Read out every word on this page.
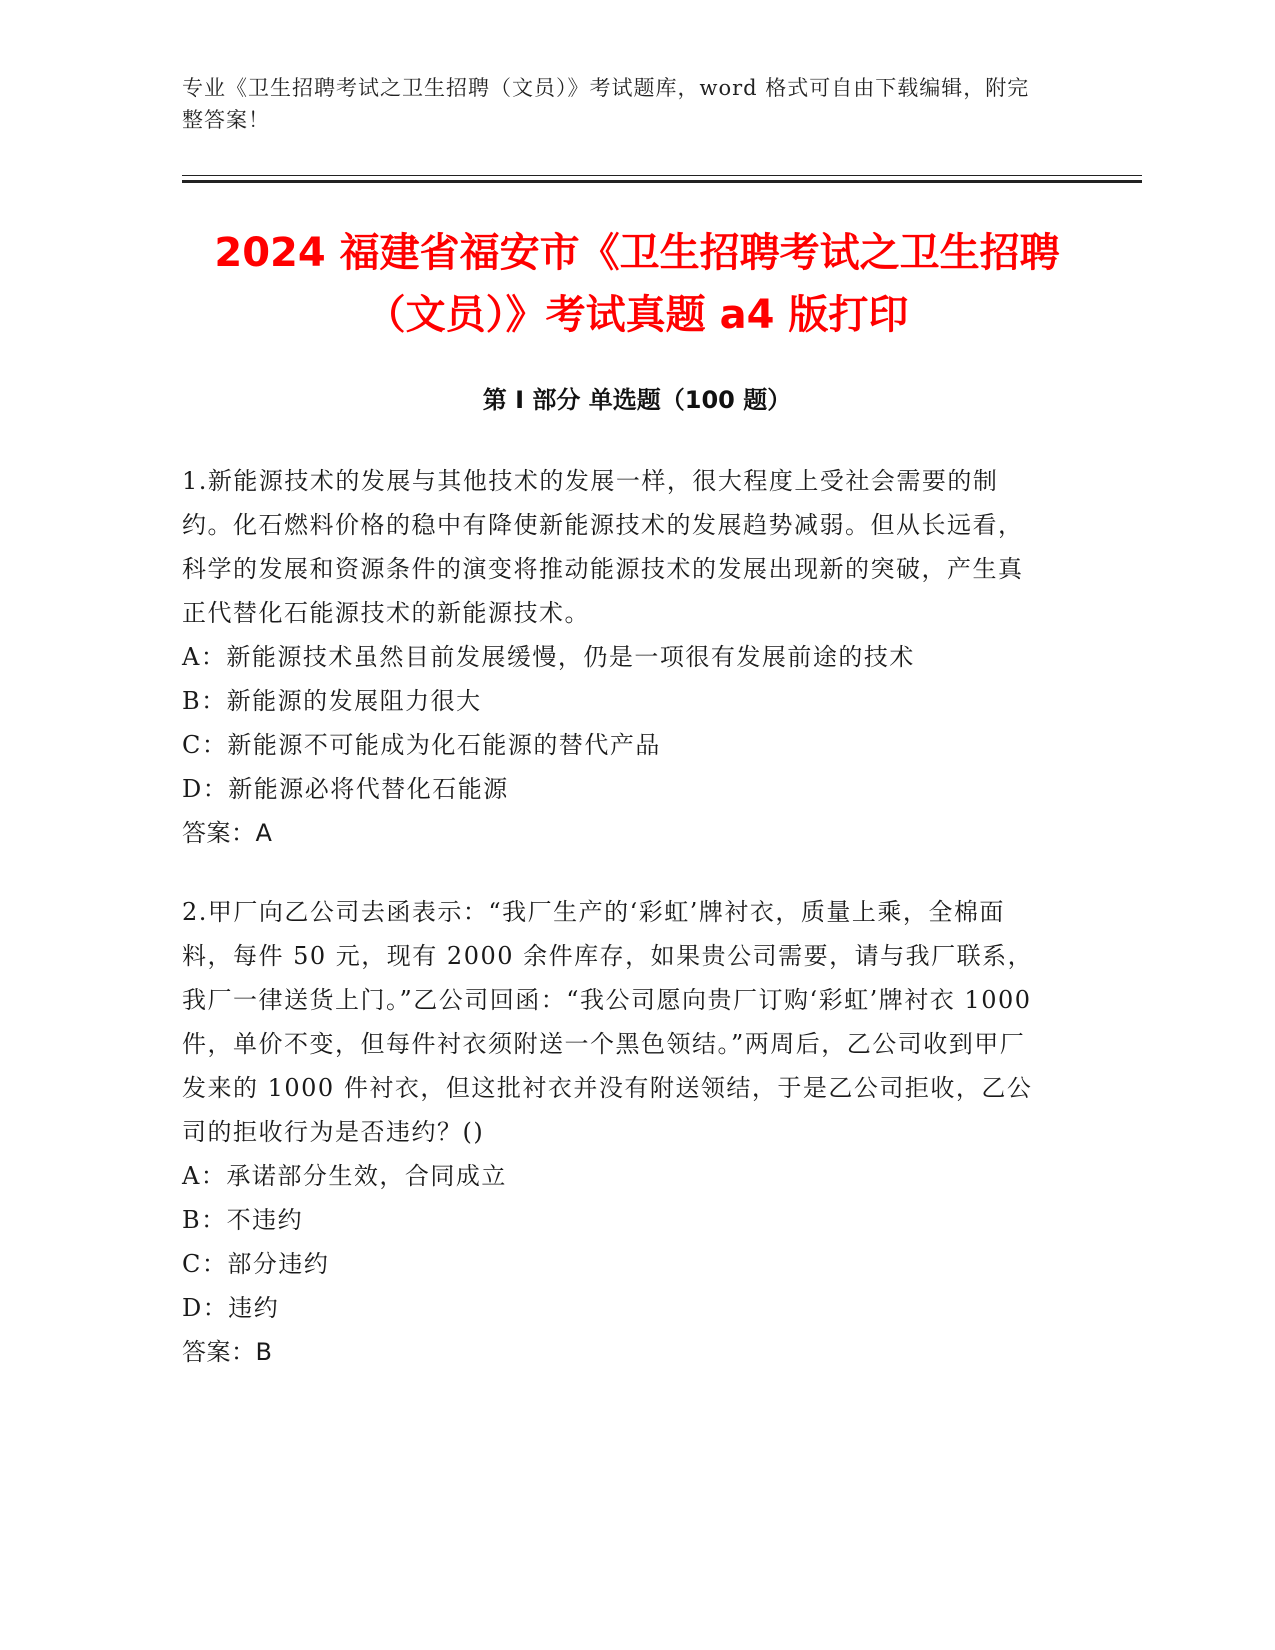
专业《卫生招聘考试之卫生招聘（文员）》考试题库，word 格式可自由下载编辑，附完整答案！
2024 福建省福安市《卫生招聘考试之卫生招聘（文员）》考试真题 a4 版打印
第 I 部分 单选题（100 题）

1.新能源技术的发展与其他技术的发展一样，很大程度上受社会需要的制约。化石燃料价格的稳中有降使新能源技术的发展趋势减弱。但从长远看，科学的发展和资源条件的演变将推动能源技术的发展出现新的突破，产生真正代替化石能源技术的新能源技术。

A：新能源技术虽然目前发展缓慢，仍是一项很有发展前途的技术

B：新能源的发展阻力很大

C：新能源不可能成为化石能源的替代产品

D：新能源必将代替化石能源

答案：A

2.甲厂向乙公司去函表示：“我厂生产的‘彩虹’牌衬衣，质量上乘，全棉面料，每件 50 元，现有 2000 余件库存，如果贵公司需要，请与我厂联系，我厂一律送货上门。”乙公司回函：“我公司愿向贵厂订购‘彩虹’牌衬衣 1000 件，单价不变，但每件衬衣须附送一个黑色领结。”两周后，乙公司收到甲厂发来的 1000 件衬衣，但这批衬衣并没有附送领结，于是乙公司拒收，乙公司的拒收行为是否违约？()

A：承诺部分生效，合同成立

B：不违约

C：部分违约

D：违约

答案：B
